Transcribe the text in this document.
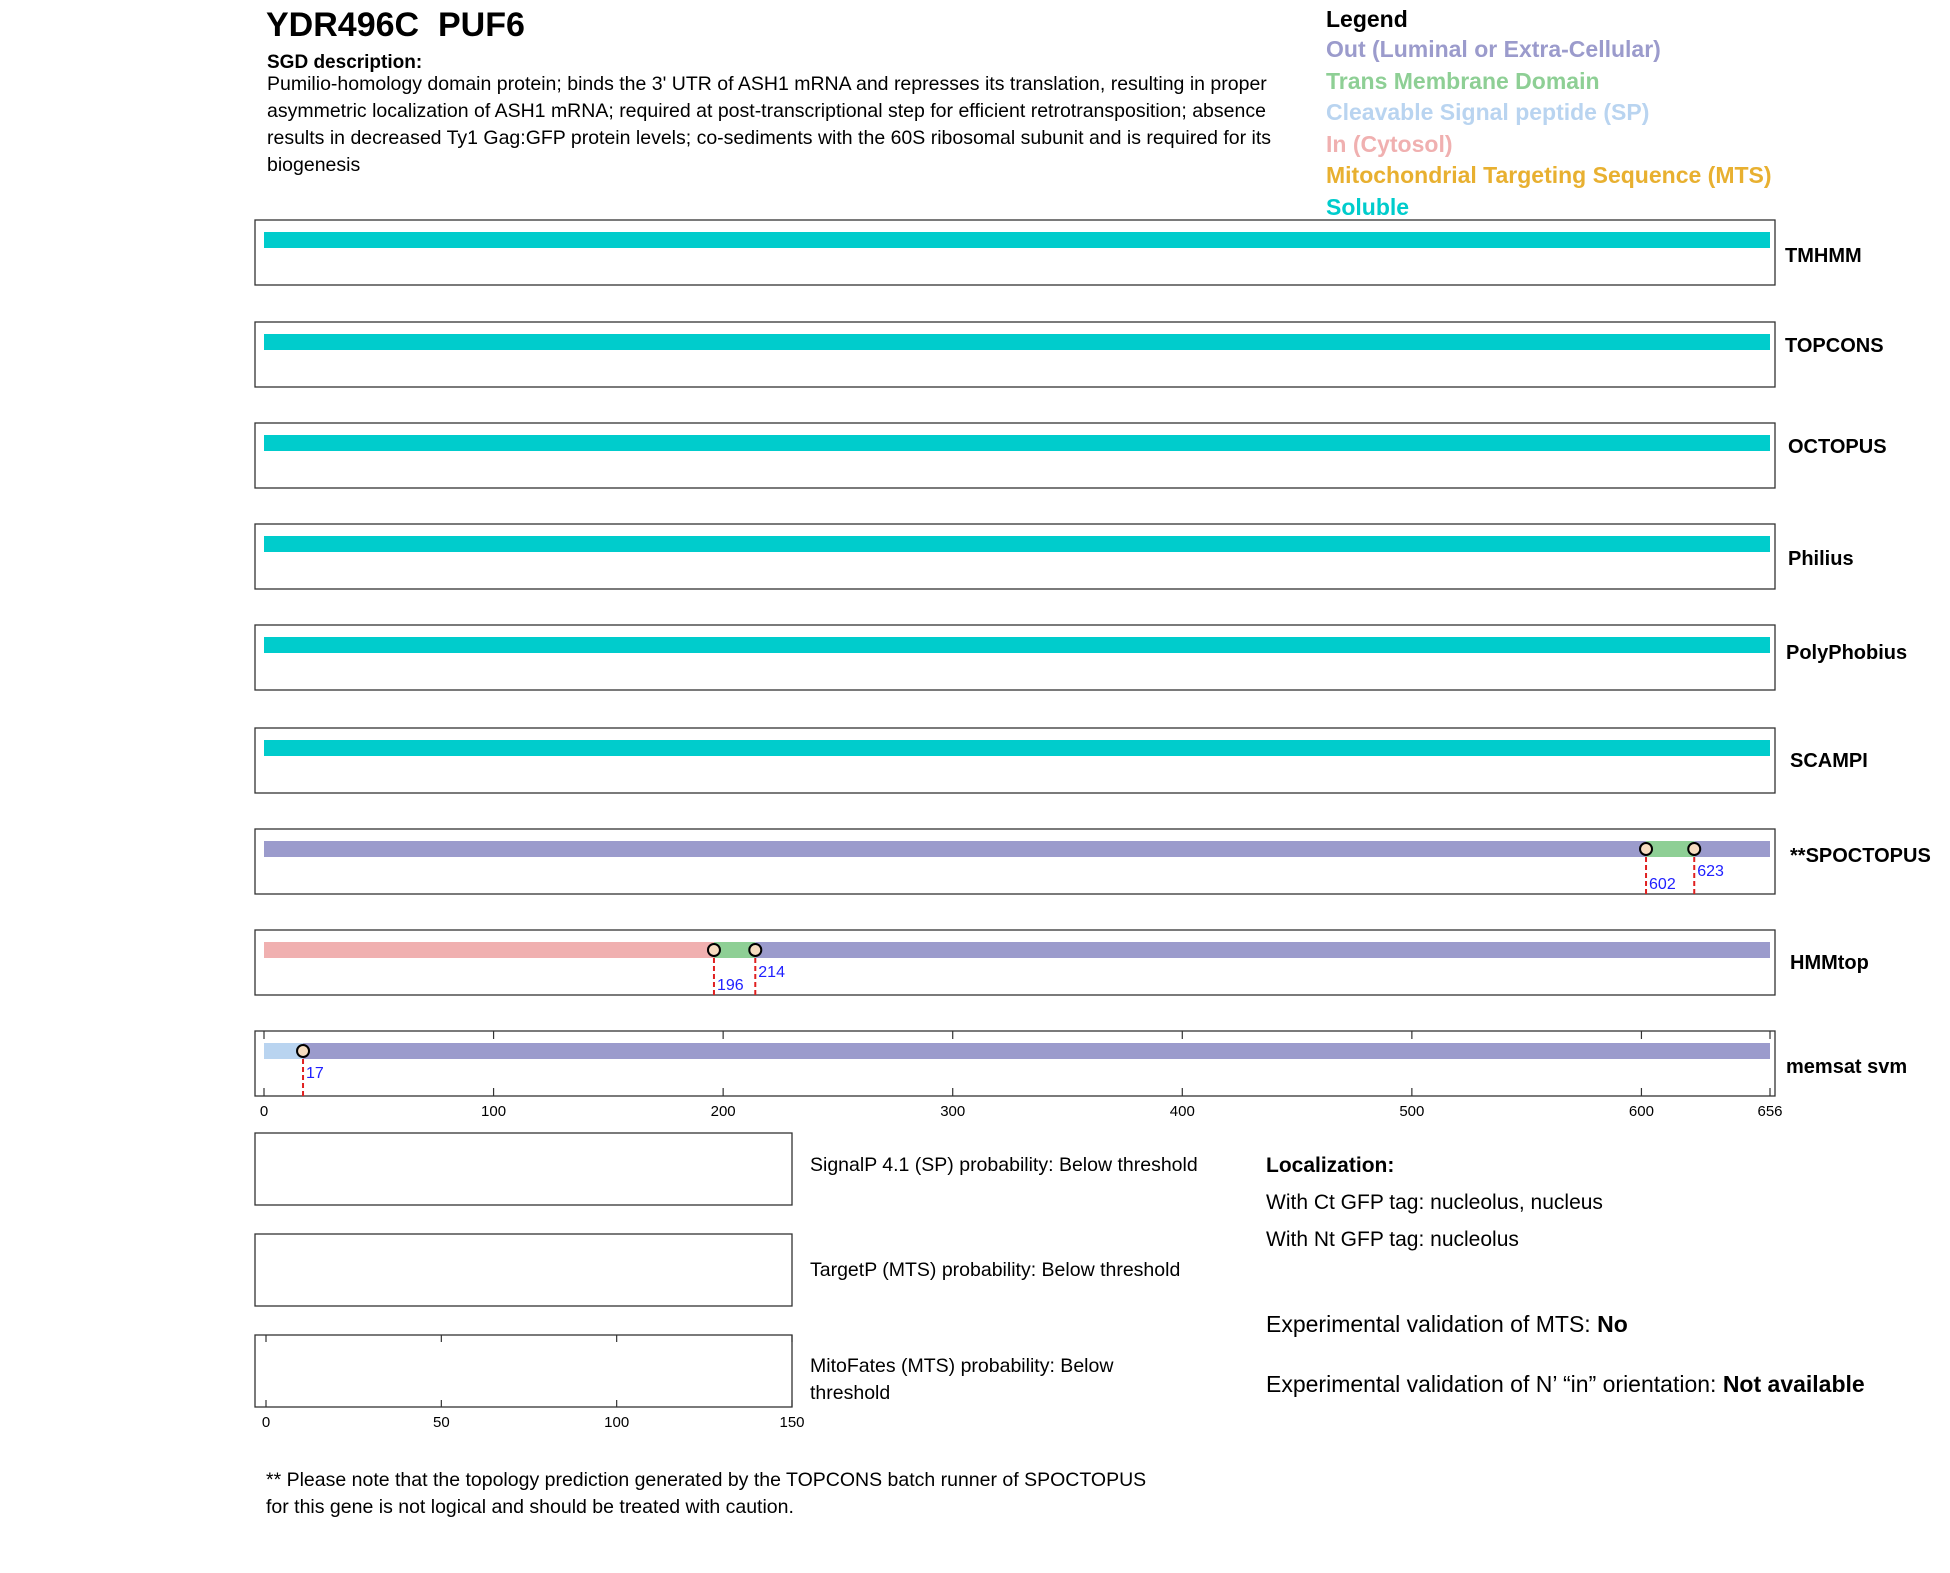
YDR496C  PUF6
SGD description:
Pumilio-homology domain protein; binds the 3' UTR of ASH1 mRNA and represses its translation, resulting in proper asymmetric localization of ASH1 mRNA; required at post-transcriptional step for efficient retrotransposition; absence results in decreased Ty1 Gag:GFP protein levels; co-sediments with the 60S ribosomal subunit and is required for its biogenesis
Legend
Out (Luminal or Extra-Cellular)
Trans Membrane Domain
Cleavable Signal peptide (SP)
In (Cytosol)
Mitochondrial Targeting Sequence (MTS)
Soluble
TMHMM
TOPCONS
OCTOPUS
Philius
PolyPhobius
SCAMPI
602
623
**SPOCTOPUS
196
214	HMMtop
17	memsat svm
0	100	200	300	400	500	600	656
0	50	100	150
SignalP 4.1 (SP) probability: Below threshold
TargetP (MTS) probability: Below threshold
MitoFates (MTS) probability: Below threshold
Localization:
With Ct GFP tag: nucleolus, nucleus
With Nt GFP tag: nucleolus
Experimental validation of MTS: No
Experimental validation of N’ “in” orientation: Not available
** Please note that the topology prediction generated by the TOPCONS batch runner of SPOCTOPUS for this gene is not logical and should be treated with caution.
